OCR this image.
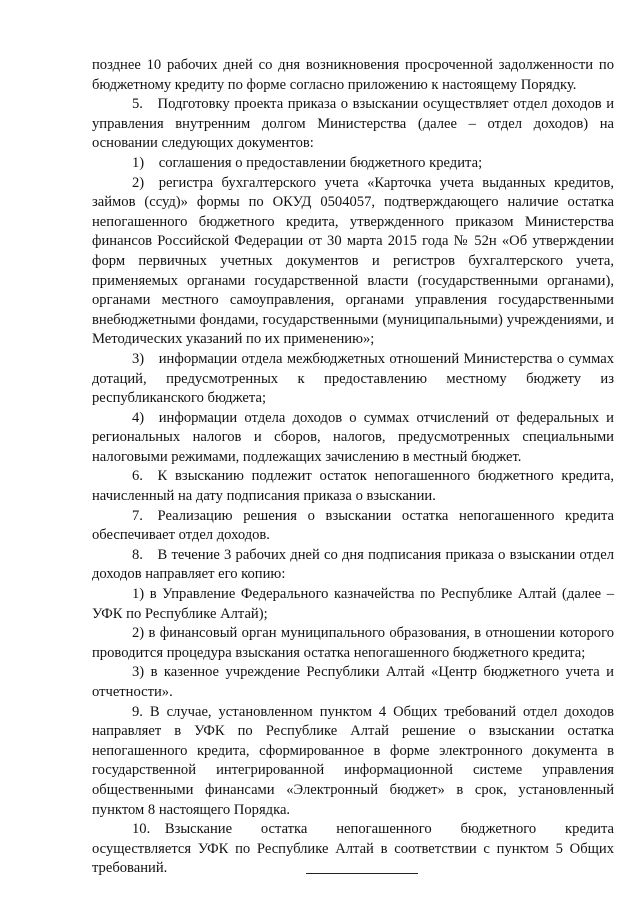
позднее 10 рабочих дней со дня возникновения просроченной задолженности по бюджетному кредиту по форме согласно приложению к настоящему Порядку.

5. Подготовку проекта приказа о взыскании осуществляет отдел доходов и управления внутренним долгом Министерства (далее – отдел доходов) на основании следующих документов:

1) соглашения о предоставлении бюджетного кредита;

2) регистра бухгалтерского учета «Карточка учета выданных кредитов, займов (ссуд)» формы по ОКУД 0504057, подтверждающего наличие остатка непогашенного бюджетного кредита, утвержденного приказом Министерства финансов Российской Федерации от 30 марта 2015 года № 52н «Об утверждении форм первичных учетных документов и регистров бухгалтерского учета, применяемых органами государственной власти (государственными органами), органами местного самоуправления, органами управления государственными внебюджетными фондами, государственными (муниципальными) учреждениями, и Методических указаний по их применению»;

3) информации отдела межбюджетных отношений Министерства о суммах дотаций, предусмотренных к предоставлению местному бюджету из республиканского бюджета;

4) информации отдела доходов о суммах отчислений от федеральных и региональных налогов и сборов, налогов, предусмотренных специальными налоговыми режимами, подлежащих зачислению в местный бюджет.

6. К взысканию подлежит остаток непогашенного бюджетного кредита, начисленный на дату подписания приказа о взыскании.

7. Реализацию решения о взыскании остатка непогашенного кредита обеспечивает отдел доходов.

8. В течение 3 рабочих дней со дня подписания приказа о взыскании отдел доходов направляет его копию:

1) в Управление Федерального казначейства по Республике Алтай (далее – УФК по Республике Алтай);

2) в финансовый орган муниципального образования, в отношении которого проводится процедура взыскания остатка непогашенного бюджетного кредита;

3) в казенное учреждение Республики Алтай «Центр бюджетного учета и отчетности».

9. В случае, установленном пунктом 4 Общих требований отдел доходов направляет в УФК по Республике Алтай решение о взыскании остатка непогашенного кредита, сформированное в форме электронного документа в государственной интегрированной информационной системе управления общественными финансами «Электронный бюджет» в срок, установленный пунктом 8 настоящего Порядка.

10. Взыскание остатка непогашенного бюджетного кредита осуществляется УФК по Республике Алтай в соответствии с пунктом 5 Общих требований.
